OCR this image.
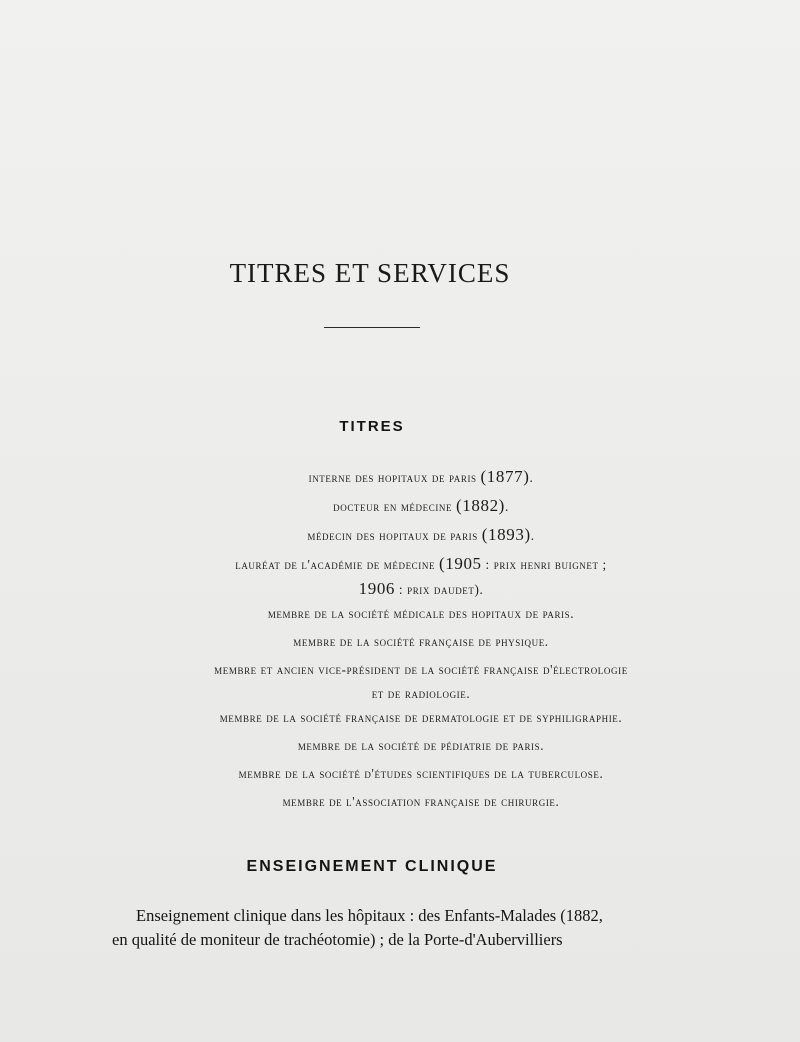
TITRES ET SERVICES
TITRES
interne des hopitaux de paris (1877).
docteur en médecine (1882).
médecin des hopitaux de paris (1893).
lauréat de l'académie de médecine (1905 : prix henri buignet ;
1906 : prix daudet).
membre de la société médicale des hopitaux de paris.
membre de la société française de physique.
membre et ancien vice-président de la société française d'électrologie
et de radiologie.
membre de la société française de dermatologie et de syphiligraphie.
membre de la société de pédiatrie de paris.
membre de la société d'études scientifiques de la tuberculose.
membre de l'association française de chirurgie.
ENSEIGNEMENT CLINIQUE
Enseignement clinique dans les hôpitaux : des Enfants-Malades (1882,
en qualité de moniteur de trachéotomie) ; de la Porte-d'Aubervilliers
